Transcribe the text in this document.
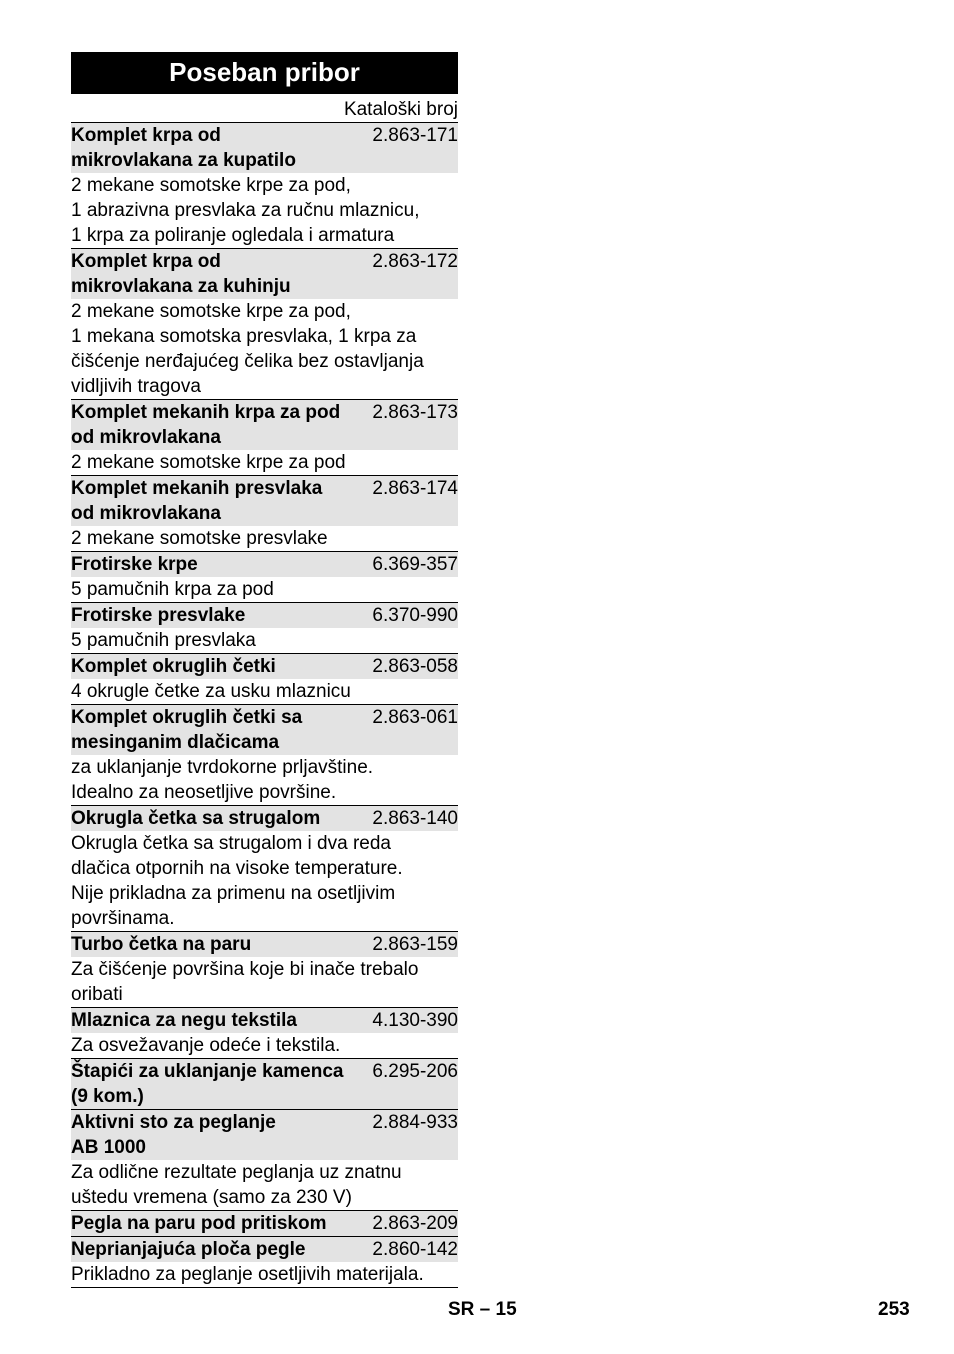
Poseban pribor
Kataloški broj
Komplet krpa od
mikrovlakana za kupatilo
2.863-171
2 mekane somotske krpe za pod,
1 abrazivna presvlaka za ručnu mlaznicu,
1 krpa za poliranje ogledala i armatura
Komplet krpa od
mikrovlakana za kuhinju
2.863-172
2 mekane somotske krpe za pod,
1 mekana somotska presvlaka, 1 krpa za
čišćenje nerđajućeg čelika bez ostavljanja
vidljivih tragova
Komplet mekanih krpa za pod
od mikrovlakana
2.863-173
2 mekane somotske krpe za pod
Komplet mekanih presvlaka
od mikrovlakana
2.863-174
2 mekane somotske presvlake
Frotirske krpe	6.369-357
5 pamučnih krpa za pod
Frotirske presvlake	6.370-990
5 pamučnih presvlaka
Komplet okruglih četki	2.863-058
4 okrugle četke za usku mlaznicu
Komplet okruglih četki sa
mesinganim dlačicama
2.863-061
za uklanjanje tvrdokorne prljavštine.
Idealno za neosetljive površine.
Okrugla četka sa strugalom	2.863-140
Okrugla četka sa strugalom i dva reda
dlačica otpornih na visoke temperature.
Nije prikladna za primenu na osetljivim
površinama.
Turbo četka na paru	2.863-159
Za čišćenje površina koje bi inače trebalo
oribati
Mlaznica za negu tekstila	4.130-390
Za osvežavanje odeće i tekstila.
Štapići za uklanjanje kamenca
(9 kom.)
6.295-206
Aktivni sto za peglanje
AB 1000
2.884-933
Za odlične rezultate peglanja uz znatnu
uštedu vremena (samo za 230 V)
Pegla na paru pod pritiskom 2.863-209
Neprianjajuća ploča pegle	2.860-142
Prikladno za peglanje osetljivih materijala.
SR – 15	253
